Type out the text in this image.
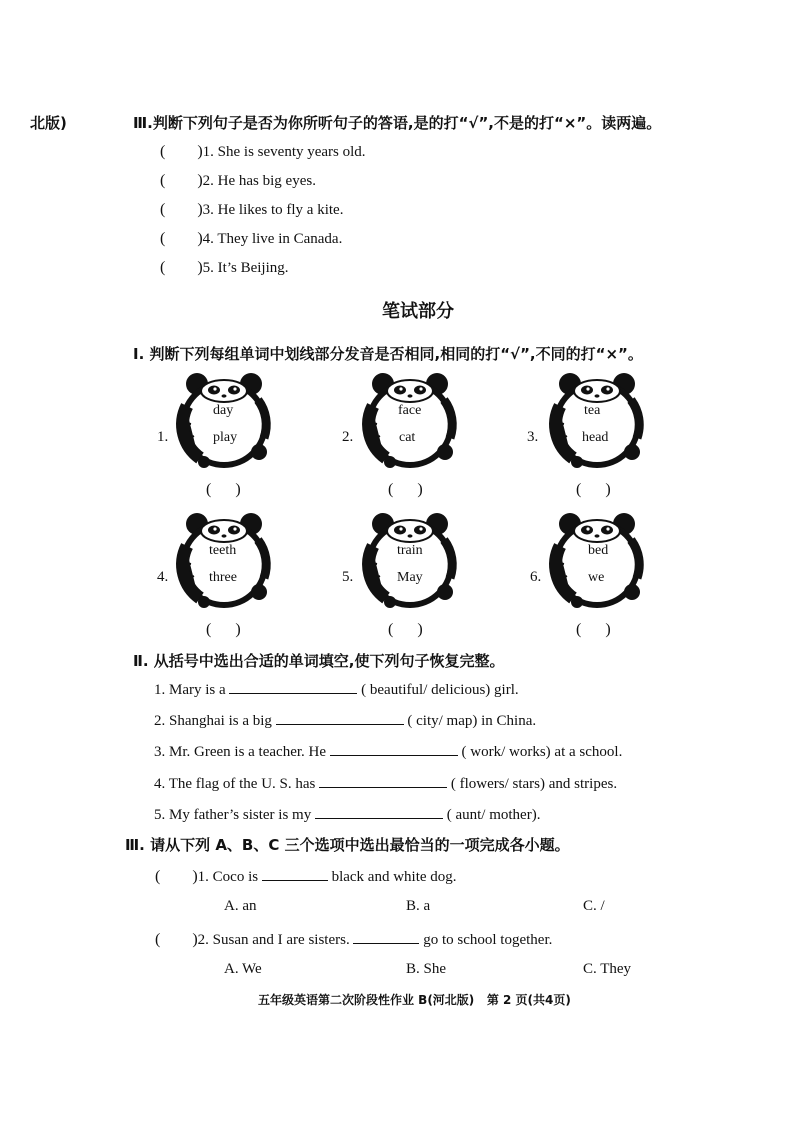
北版)	Ⅲ.判断下列句子是否为你所听句子的答语,是的打“√”,不是的打“×”。读两遍。
(        )1. She is seventy years old.
(        )2. He has big eyes.
(        )3. He likes to fly a kite.
(        )4. They live in Canada.
(        )5. It’s Beijing.
笔试部分
Ⅰ. 判断下列每组单词中划线部分发音是否相同,相同的打“√”,不同的打“×”。
1.
day
play
(      )
2.
face
cat
(      )
3.
tea
head
(      )
4.
teeth
three
(      )
5.
train
May
(      )
6.
bed
we
(      )
Ⅱ. 从括号中选出合适的单词填空,使下列句子恢复完整。
1. Mary is a	( beautiful/ delicious) girl.
2. Shanghai is a big	( city/ map) in China.
3. Mr. Green is a teacher. He	( work/ works) at a school.
4. The flag of the U. S. has	( flowers/ stars) and stripes.
5. My father’s sister is my	( aunt/ mother).
Ⅲ. 请从下列 A、B、C 三个选项中选出最恰当的一项完成各小题。
(        )1. Coco is	black and white dog.
A. an	B. a	C. /
(        )2. Susan and I are sisters.	go to school together.
A. We	B. She	C. They
五年级英语第二次阶段性作业 B(河北版)   第 2 页(共4页)
